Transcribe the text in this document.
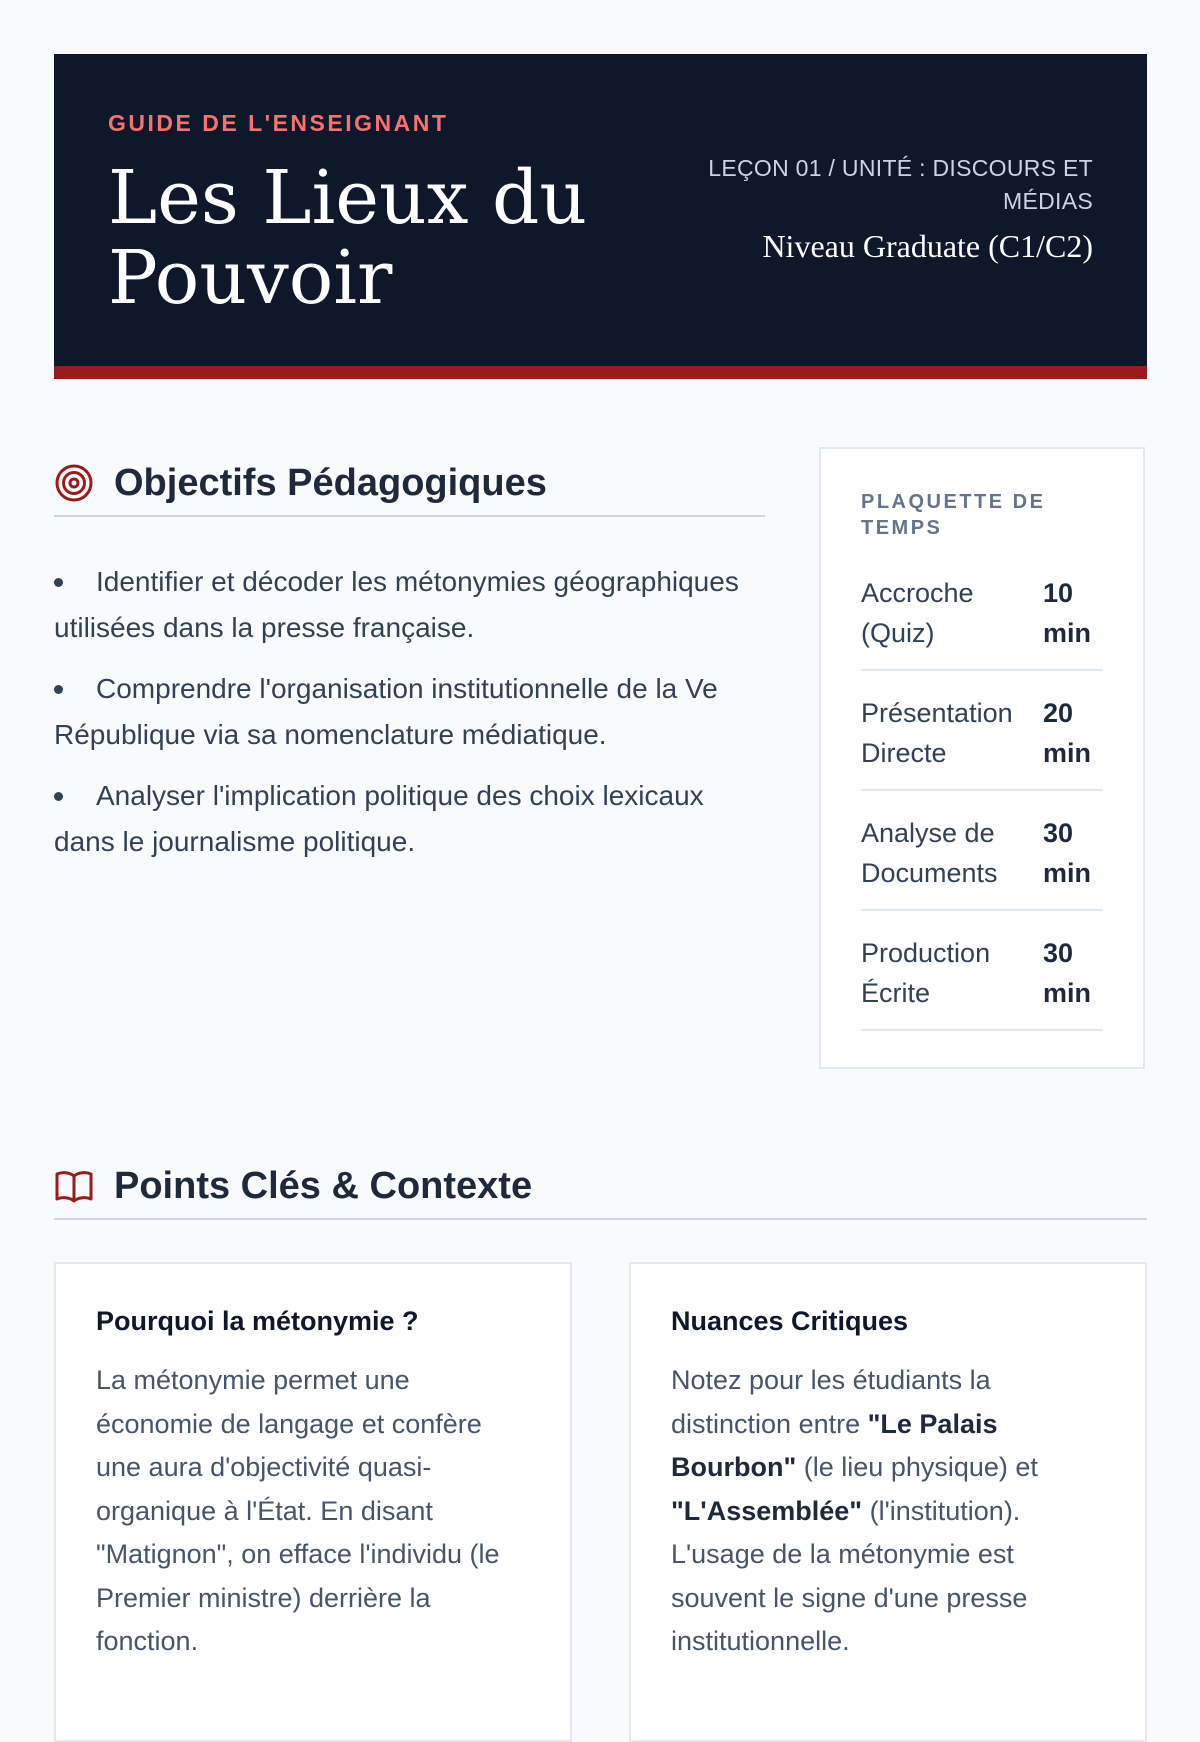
GUIDE DE L'ENSEIGNANT
Les Lieux du
Pouvoir
LEÇON 01 / UNITÉ : DISCOURS ET
MÉDIAS
Niveau Graduate (C1/C2)
Objectifs Pédagogiques
Identifier et décoder les métonymies géographiques utilisées dans la presse française.
Comprendre l'organisation institutionnelle de la Ve République via sa nomenclature médiatique.
Analyser l'implication politique des choix lexicaux dans le journalisme politique.
PLAQUETTE DE TEMPS
Accroche (Quiz)
10 min
Présentation Directe
20 min
Analyse de Documents
30 min
Production Écrite
30 min
Points Clés & Contexte
Pourquoi la métonymie ?

La métonymie permet une économie de langage et confère une aura d'objectivité quasi-organique à l'État. En disant "Matignon", on efface l'individu (le Premier ministre) derrière la fonction.

Nuances Critiques

Notez pour les étudiants la distinction entre "Le Palais Bourbon" (le lieu physique) et "L'Assemblée" (l'institution). L'usage de la métonymie est souvent le signe d'une presse institutionnelle.
